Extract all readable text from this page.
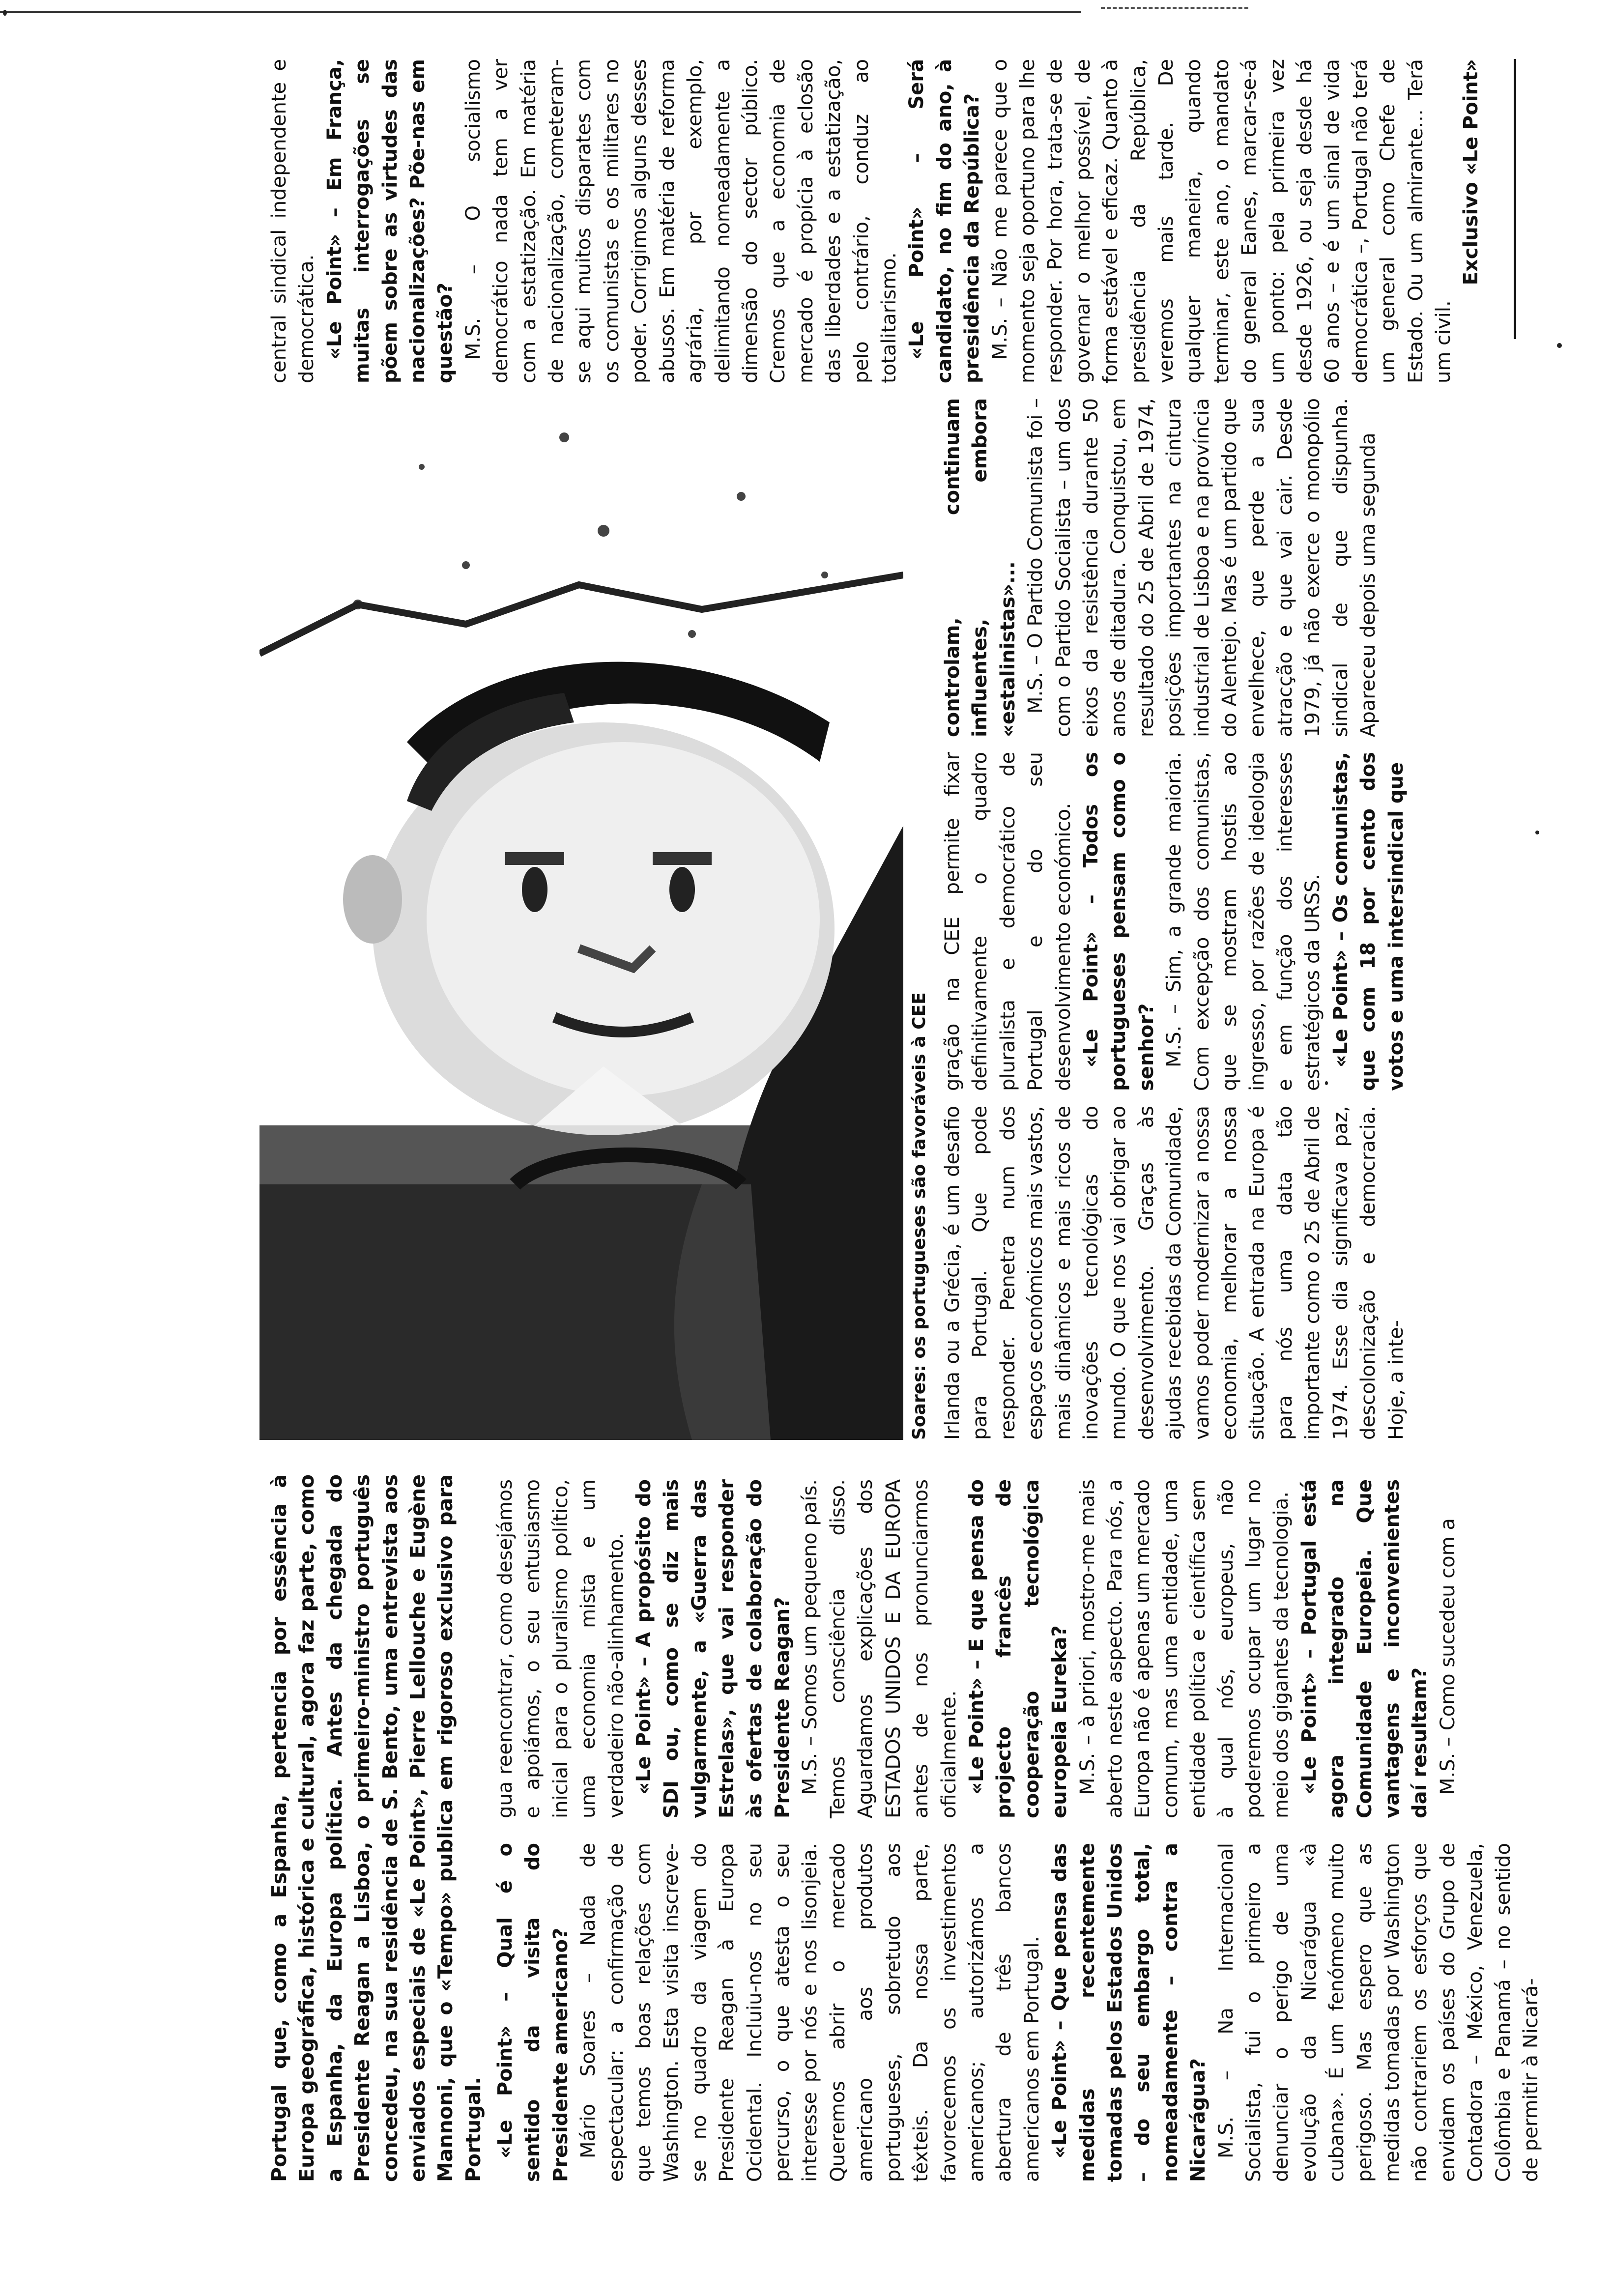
Portugal que, como a Espanha, pertencia por essência à Europa geográfica, histórica e cultural, agora faz parte, como a Espanha, da Europa política. Antes da chegada do Presidente Reagan a Lisboa, o primeiro-ministro português concedeu, na sua residência de S. Bento, uma entrevista aos enviados especiais de «Le Point», Pierre Lellouche e Eugène Mannoni, que o «Tempo» publica em rigoroso exclusivo para Portugal. «Le Point» – Qual é o sentido da visita do Presidente americano? Mário Soares – Nada de espectacular: a confirmação de que temos boas relações com Washington. Esta visita inscreve-se no quadro da viagem do Presidente Reagan à Europa Ocidental. Incluiu-nos no seu percurso, o que atesta o seu interesse por nós e nos lisonjeia. Queremos abrir o mercado americano aos produtos portugueses, sobretudo aos têxteis. Da nossa parte, favorecemos os investimentos americanos; autorizámos a abertura de três bancos americanos em Portugal. «Le Point» – Que pensa das medidas recentemente tomadas pelos Estados Unidos – do seu embargo total, nomeadamente – contra a Nicarágua? M.S. – Na Internacional Socialista, fui o primeiro a denunciar o perigo de uma evolução da Nicarágua «à cubana». É um fenómeno muito perigoso. Mas espero que as medidas tomadas por Washington não contrariem os esforços que envidam os países do Grupo de Contadora – México, Venezuela, Colômbia e Panamá – no sentido de permitir à Nicará-

gua reencontrar, como desejámos e apoiámos, o seu entusiasmo inicial para o pluralismo político, uma economia mista e um verdadeiro não-alinhamento. «Le Point» – A propósito do SDI ou, como se diz mais vulgarmente, a «Guerra das Estrelas», que vai responder às ofertas de colaboração do Presidente Reagan? M.S. – Somos um pequeno país. Temos consciência disso. Aguardamos explicações dos ESTADOS UNIDOS E DA EUROPA antes de nos pronunciarmos oficialmente. «Le Point» – E que pensa do projecto francês de cooperação tecnológica europeia Eureka? M.S. – à priori, mostro-me mais aberto neste aspecto. Para nós, a Europa não é apenas um mercado comum, mas uma entidade, uma entidade política e científica sem à qual nós, europeus, não poderemos ocupar um lugar no meio dos gigantes da tecnologia. «Le Point» – Portugal está agora integrado na Comunidade Europeia. Que vantagens e inconvenientes daí resultam? M.S. – Como sucedeu com a

Soares: os portugueses são favoráveis à CEE Irlanda ou a Grécia, é um desafio para Portugal. Que pode responder. Penetra num dos espaços económicos mais vastos, mais dinâmicos e mais ricos de inovações tecnológicas do mundo. O que nos vai obrigar ao desenvolvimento. Graças às ajudas recebidas da Comunidade, vamos poder modernizar a nossa economia, melhorar a nossa situação. A entrada na Europa é para nós uma data tão importante como o 25 de Abril de 1974. Esse dia significava paz, descolonização e democracia. Hoje, a inte-

gração na CEE permite fixar definitivamente o quadro pluralista e democrático de Portugal e do seu desenvolvimento económico. «Le Point» – Todos os portugueses pensam como o senhor? M.S. – Sim, a grande maioria. Com excepção dos comunistas, que se mostram hostis ao ingresso, por razões de ideologia e em função dos interesses estratégicos da URSS. «Le Point» – Os comunistas, que com 18 por cento dos votos e uma intersindical que

controlam, continuam influentes, embora «estalinistas»... M.S. – O Partido Comunista foi – com o Partido Socialista – um dos eixos da resistência durante 50 anos de ditadura. Conquistou, em resultado do 25 de Abril de 1974, posições importantes na cintura industrial de Lisboa e na província do Alentejo. Mas é um partido que envelhece, que perde a sua atracção e que vai cair. Desde 1979, já não exerce o monopólio sindical de que dispunha. Apareceu depois uma segunda

central sindical independente e democrática. «Le Point» – Em França, muitas interrogações se põem sobre as virtudes das nacionalizações? Põe-nas em questão? M.S. – O socialismo democrático nada tem a ver com a estatização. Em matéria de nacionalização, cometeram-se aqui muitos disparates com os comunistas e os militares no poder. Corrigimos alguns desses abusos. Em matéria de reforma agrária, por exemplo, delimitando nomeadamente a dimensão do sector público. Cremos que a economia de mercado é propícia à eclosão das liberdades e a estatização, pelo contrário, conduz ao totalitarismo. «Le Point» – Será candidato, no fim do ano, à presidência da República? M.S. – Não me parece que o momento seja oportuno para lhe responder. Por hora, trata-se de governar o melhor possível, de forma estável e eficaz. Quanto à presidência da República, veremos mais tarde. De qualquer maneira, quando terminar, este ano, o mandato do general Eanes, marcar-se-á um ponto: pela primeira vez desde 1926, ou seja desde há 60 anos – e é um sinal de vida democrática –, Portugal não terá um general como Chefe de Estado. Ou um almirante... Terá um civil.

Exclusivo «Le Point»
